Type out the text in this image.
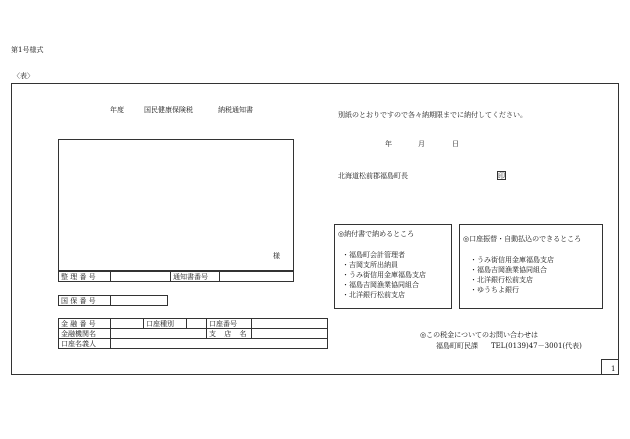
第1号様式
〈表〉
年度	国民健康保険税	納税通知書
別紙のとおりですので各々納期限までに納付してください。
年	月	日
北海道松前郡福島町長	印
様
整 理 番 号		通知書番号	
国 保 番 号	
金 融 番 号		口座種別		口座番号	
金融機関名				支 店 名	
口座名義人					
◎納付書で納めるところ
・福島町会計管理者
・吉岡支所出納員
・うみ街信用金庫福島支店
・福島吉岡漁業協同組合
・北洋銀行松前支店
◎口座振替・自動払込のできるところ
・うみ街信用金庫福島支店
・福島吉岡漁業協同組合
・北洋銀行松前支店
・ゆうちよ銀行
◎この税金についてのお問い合わせは
福島町町民課 TEL(0139)47－3001(代表)
1
